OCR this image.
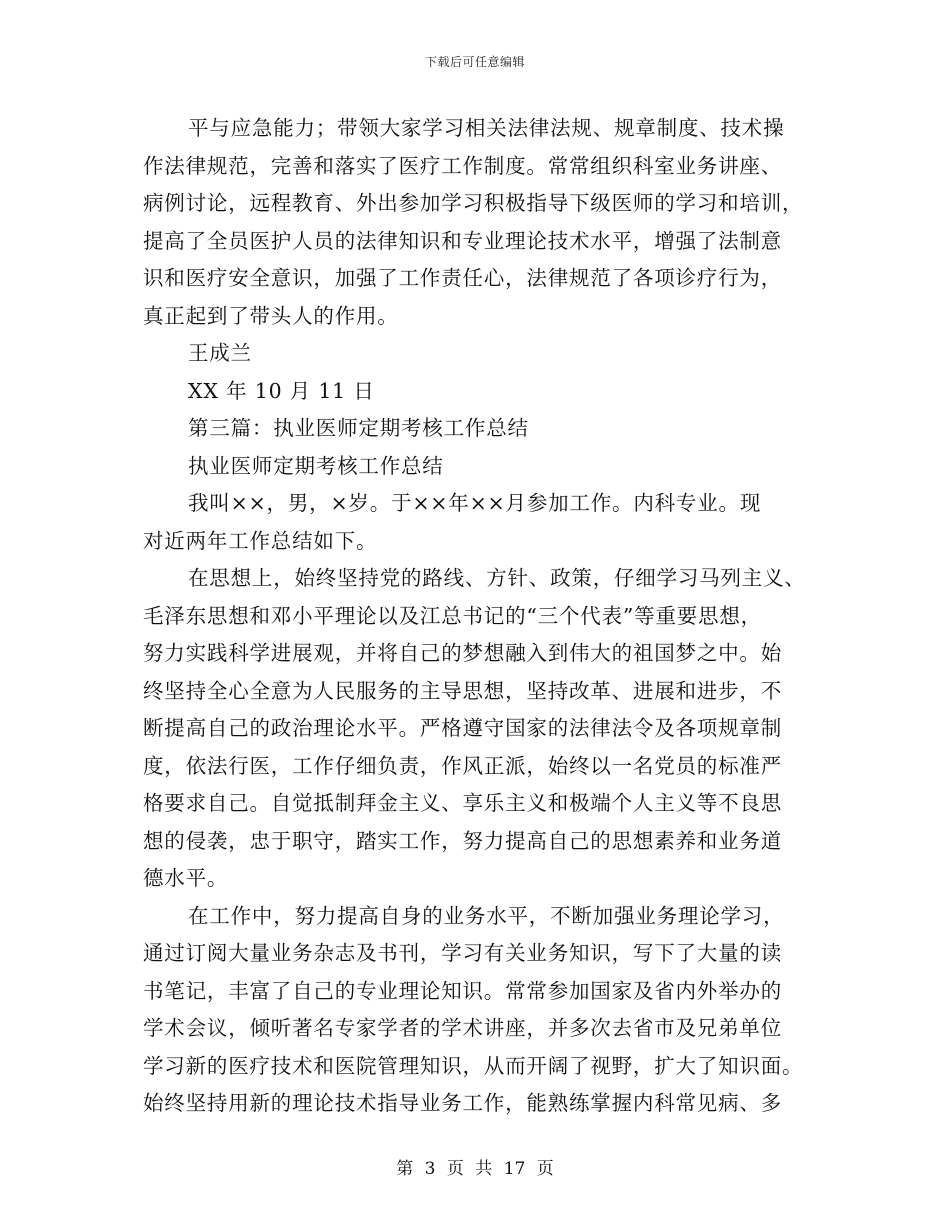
下载后可任意编辑
平与应急能力；带领大家学习相关法律法规、规章制度、技术操
作法律规范，完善和落实了医疗工作制度。常常组织科室业务讲座、
病例讨论，远程教育、外出参加学习积极指导下级医师的学习和培训，
提高了全员医护人员的法律知识和专业理论技术水平，增强了法制意
识和医疗安全意识，加强了工作责任心，法律规范了各项诊疗行为，
真正起到了带头人的作用。
王成兰
XX 年 10 月 11 日
第三篇：执业医师定期考核工作总结
执业医师定期考核工作总结
我叫××，男，×岁。于××年××月参加工作。内科专业。现
对近两年工作总结如下。
在思想上，始终坚持党的路线、方针、政策，仔细学习马列主义、
毛泽东思想和邓小平理论以及江总书记的“三个代表”等重要思想，
努力实践科学进展观，并将自己的梦想融入到伟大的祖国梦之中。始
终坚持全心全意为人民服务的主导思想，坚持改革、进展和进步，不
断提高自己的政治理论水平。严格遵守国家的法律法令及各项规章制
度，依法行医，工作仔细负责，作风正派，始终以一名党员的标准严
格要求自己。自觉抵制拜金主义、享乐主义和极端个人主义等不良思
想的侵袭，忠于职守，踏实工作，努力提高自己的思想素养和业务道
德水平。
在工作中，努力提高自身的业务水平，不断加强业务理论学习，
通过订阅大量业务杂志及书刊，学习有关业务知识，写下了大量的读
书笔记，丰富了自己的专业理论知识。常常参加国家及省内外举办的
学术会议，倾听著名专家学者的学术讲座，并多次去省市及兄弟单位
学习新的医疗技术和医院管理知识，从而开阔了视野，扩大了知识面。
始终坚持用新的理论技术指导业务工作，能熟练掌握内科常见病、多
第 3 页 共 17 页
